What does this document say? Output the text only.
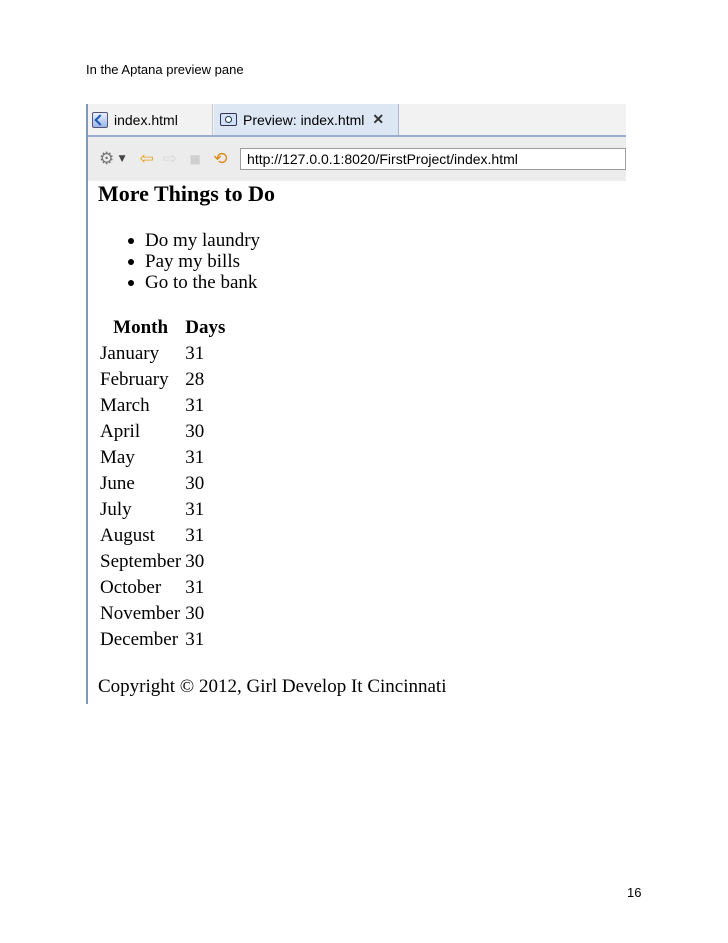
In the Aptana preview pane
index.html	Preview: index.html ✕
⚙ ▼ ⇦ ⇨	■ ⟲
http://127.0.0.1:8020/FirstProject/index.html
More Things to Do
Do my laundry
Pay my bills
Go to the bank
Month	Days
January	31
February	28
March	31
April	30
May	31
June	30
July	31
August	31
September	30
October	31
November	30
December	31

Copyright © 2012, Girl Develop It Cincinnati

16
